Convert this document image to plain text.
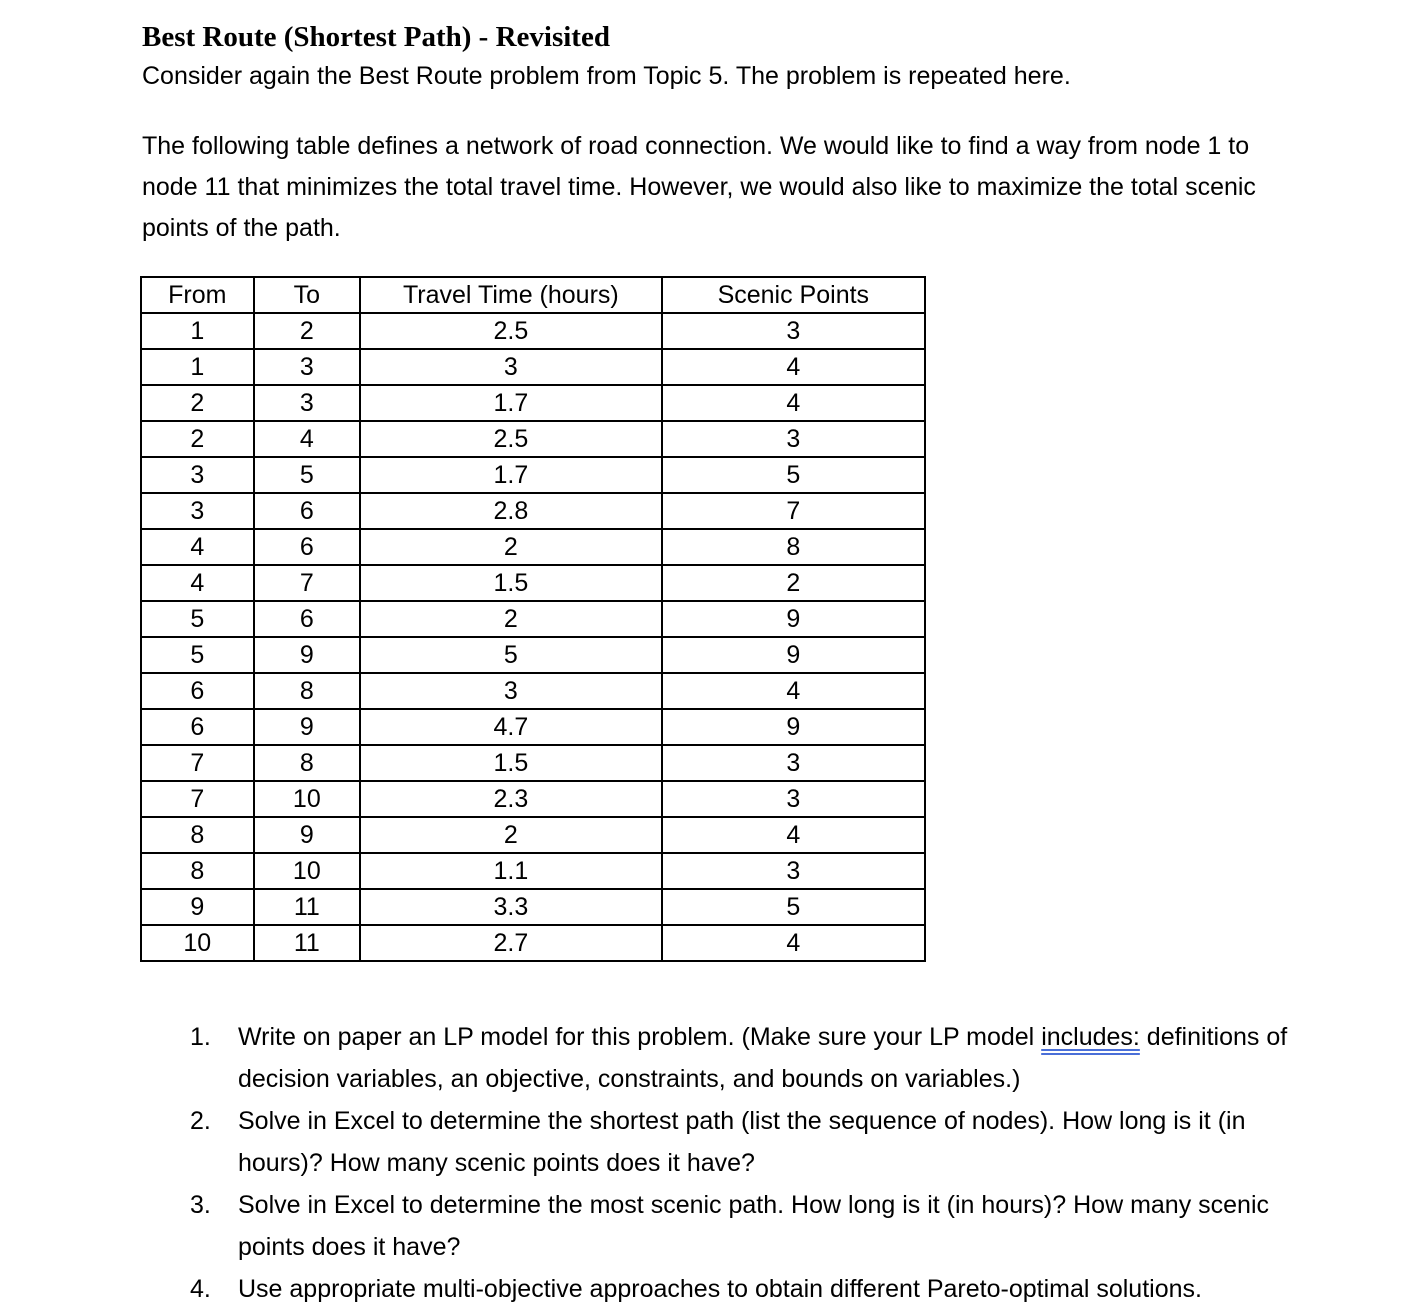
Best Route (Shortest Path) - Revisited
Consider again the Best Route problem from Topic 5. The problem is repeated here.
The following table defines a network of road connection. We would like to find a way from node 1 to
node 11 that minimizes the total travel time. However, we would also like to maximize the total scenic
points of the path.
From	To	Travel Time (hours)	Scenic Points
1	2	2.5	3
1	3	3	4
2	3	1.7	4
2	4	2.5	3
3	5	1.7	5
3	6	2.8	7
4	6	2	8
4	7	1.5	2
5	6	2	9
5	9	5	9
6	8	3	4
6	9	4.7	9
7	8	1.5	3
7	10	2.3	3
8	9	2	4
8	10	1.1	3
9	11	3.3	5
10	11	2.7	4
1. Write on paper an LP model for this problem. (Make sure your LP model includes: definitions of
decision variables, an objective, constraints, and bounds on variables.)
2. Solve in Excel to determine the shortest path (list the sequence of nodes). How long is it (in
hours)? How many scenic points does it have?
3. Solve in Excel to determine the most scenic path. How long is it (in hours)? How many scenic
points does it have?
4. Use appropriate multi-objective approaches to obtain different Pareto-optimal solutions.
